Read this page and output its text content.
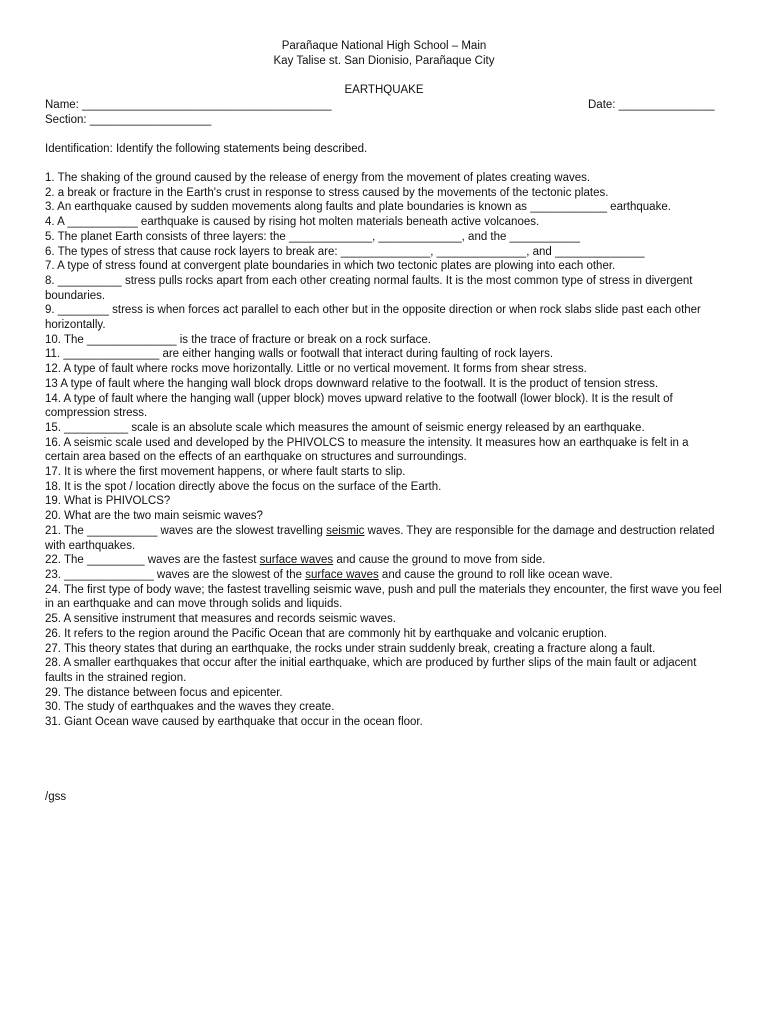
Parañaque National High School – Main
Kay Talise st. San Dionisio, Parañaque City
EARTHQUAKE
Name: _______________________________________	Date: _______________
Section: ___________________
Identification: Identify the following statements being described.

1. The shaking of the ground caused by the release of energy from the movement of plates creating waves.

2. a break or fracture in the Earth's crust in response to stress caused by the movements of the tectonic plates.

3. An earthquake caused by sudden movements along faults and plate boundaries is known as ____________ earthquake.

4. A ___________ earthquake is caused by rising hot molten materials beneath active volcanoes.

5. The planet Earth consists of three layers: the _____________, _____________, and the ___________

6. The types of stress that cause rock layers to break are: ______________, ______________, and ______________

7. A type of stress found at convergent plate boundaries in which two tectonic plates are plowing into each other.

8. __________ stress pulls rocks apart from each other creating normal faults. It is the most common type of stress in divergent boundaries.

9. ________ stress is when forces act parallel to each other but in the opposite direction or when rock slabs slide past each other horizontally.

10. The ______________ is the trace of fracture or break on a rock surface.

11. _______________ are either hanging walls or footwall that interact during faulting of rock layers.

12. A type of fault where rocks move horizontally. Little or no vertical movement. It forms from shear stress.

13 A type of fault where the hanging wall block drops downward relative to the footwall. It is the product of tension stress.

14. A type of fault where the hanging wall (upper block) moves upward relative to the footwall (lower block). It is the result of compression stress.

15. __________ scale is an absolute scale which measures the amount of seismic energy released by an earthquake.

16. A seismic scale used and developed by the PHIVOLCS to measure the intensity. It measures how an earthquake is felt in a certain area based on the effects of an earthquake on structures and surroundings.

17. It is where the first movement happens, or where fault starts to slip.

18. It is the spot / location directly above the focus on the surface of the Earth.

19. What is PHIVOLCS?

20. What are the two main seismic waves?

21. The ___________ waves are the slowest travelling seismic waves. They are responsible for the damage and destruction related with earthquakes.

22. The _________ waves are the fastest surface waves and cause the ground to move from side.

23. ______________ waves are the slowest of the surface waves and cause the ground to roll like ocean wave.

24. The first type of body wave; the fastest travelling seismic wave, push and pull the materials they encounter, the first wave you feel in an earthquake and can move through solids and liquids.

25. A sensitive instrument that measures and records seismic waves.

26. It refers to the region around the Pacific Ocean that are commonly hit by earthquake and volcanic eruption.

27. This theory states that during an earthquake, the rocks under strain suddenly break, creating a fracture along a fault.

28. A smaller earthquakes that occur after the initial earthquake, which are produced by further slips of the main fault or adjacent faults in the strained region.

29. The distance between focus and epicenter.

30. The study of earthquakes and the waves they create.

31. Giant Ocean wave caused by earthquake that occur in the ocean floor.

/gss
